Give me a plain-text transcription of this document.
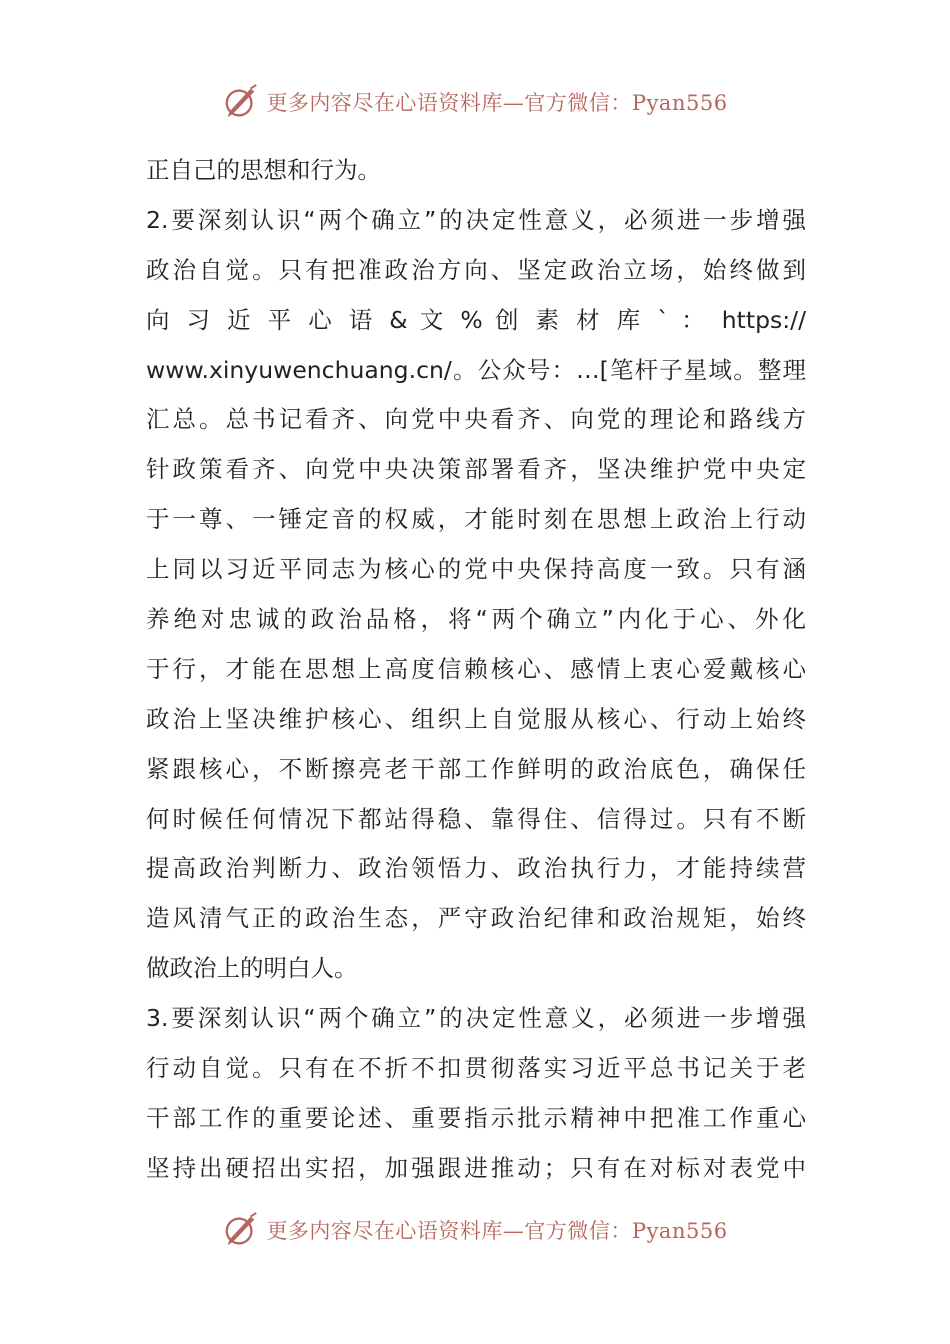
更多内容尽在心语资料库—官方微信：Pyan556
正自己的思想和行为。
2.要深刻认识“两个确立”的决定性意义，必须进一步增强
政治自觉。只有把准政治方向、坚定政治立场，始终做到
向 习 近 平 心 语 & 文 % 创 素 材 库 ` ： https://
www.xinyuwenchuang.cn/。公众号：…[笔杆子星域。整理
汇总。总书记看齐、向党中央看齐、向党的理论和路线方
针政策看齐、向党中央决策部署看齐，坚决维护党中央定
于一尊、一锤定音的权威，才能时刻在思想上政治上行动
上同以习近平同志为核心的党中央保持高度一致。只有涵
养绝对忠诚的政治品格，将“两个确立”内化于心、外化
于行，才能在思想上高度信赖核心、感情上衷心爱戴核心
政治上坚决维护核心、组织上自觉服从核心、行动上始终
紧跟核心，不断擦亮老干部工作鲜明的政治底色，确保任
何时候任何情况下都站得稳、靠得住、信得过。只有不断
提高政治判断力、政治领悟力、政治执行力，才能持续营
造风清气正的政治生态，严守政治纪律和政治规矩，始终
做政治上的明白人。
3.要深刻认识“两个确立”的决定性意义，必须进一步增强
行动自觉。只有在不折不扣贯彻落实习近平总书记关于老
干部工作的重要论述、重要指示批示精神中把准工作重心
坚持出硬招出实招，加强跟进推动；只有在对标对表党中
更多内容尽在心语资料库—官方微信：Pyan556
